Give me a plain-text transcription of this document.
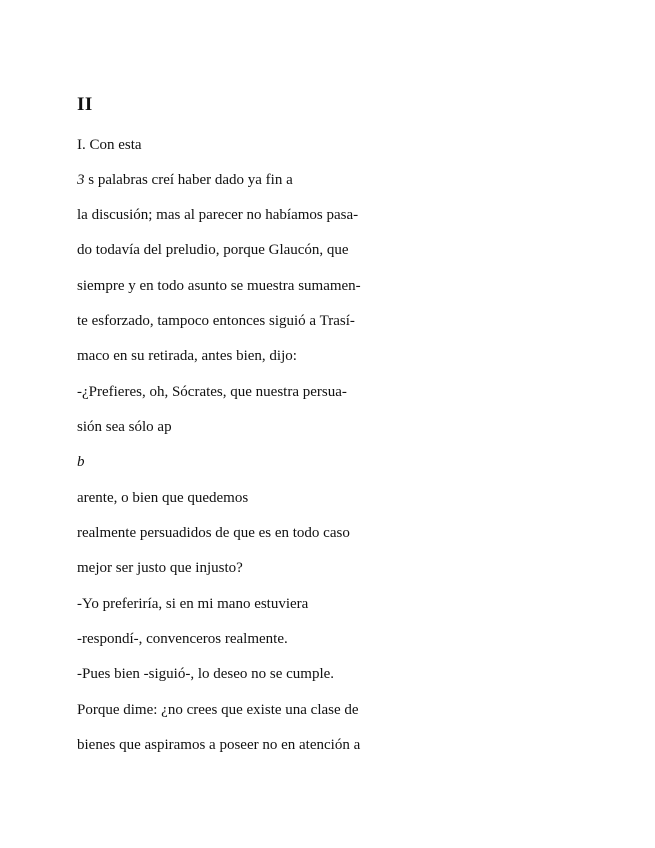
II

I. Con esta

3 s palabras creí haber dado ya fin a

la discusión; mas al parecer no habíamos pasa-

do todavía del preludio, porque Glaucón, que

siempre y en todo asunto se muestra sumamen-

te esforzado, tampoco entonces siguió a Trasí-

maco en su retirada, antes bien, dijo:

-¿Prefieres, oh, Sócrates, que nuestra persua-

sión sea sólo ap

b

arente, o bien que quedemos

realmente persuadidos de que es en todo caso

mejor ser justo que injusto?

-Yo preferiría, si en mi mano estuviera

-respondí-, convenceros realmente.

-Pues bien -siguió-, lo deseo no se cumple.

Porque dime: ¿no crees que existe una clase de

bienes que aspiramos a poseer no en atención a
